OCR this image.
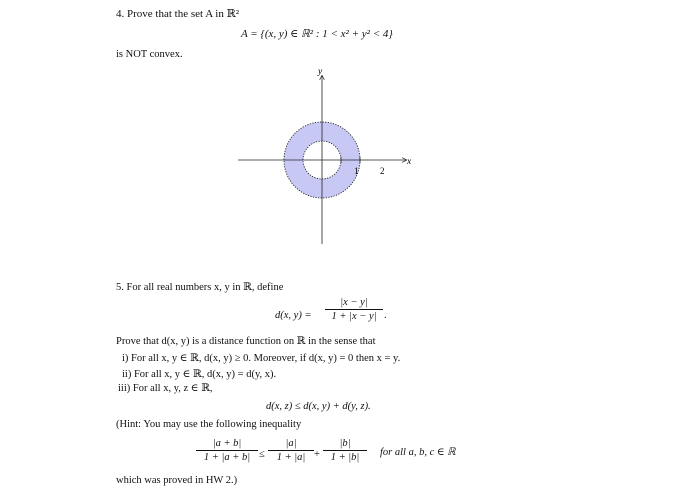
4. Prove that the set A in ℝ²
A = {(x, y) ∈ ℝ² : 1 < x² + y² < 4}
is NOT convex.
y
x
1 2
5. For all real numbers x, y in ℝ, define
d(x, $y) = \frac{|x - y|}{1 + |x - y|}$ .
Prove that d(x, y) is a distance function on ℝ in the sense that
i) For all x, y ∈ ℝ, d(x, y) ≥ 0. Moreover, if d(x, y) = 0 then x = y.
ii) For all x, y ∈ ℝ, d(x, y) = d(y, x).
iii) For all x, y, z ∈ ℝ,
d(x, z) ≤ d(x, y) + d(y, z).
(Hint: You may use the following inequality
$\frac{|a + b|}{1 + |a + b|} \le \frac{|a|}{1 + |a|} + \frac{|b|}{1 + |b|}$ for all a, b, c ∈ ℝ
which was proved in HW 2.)
